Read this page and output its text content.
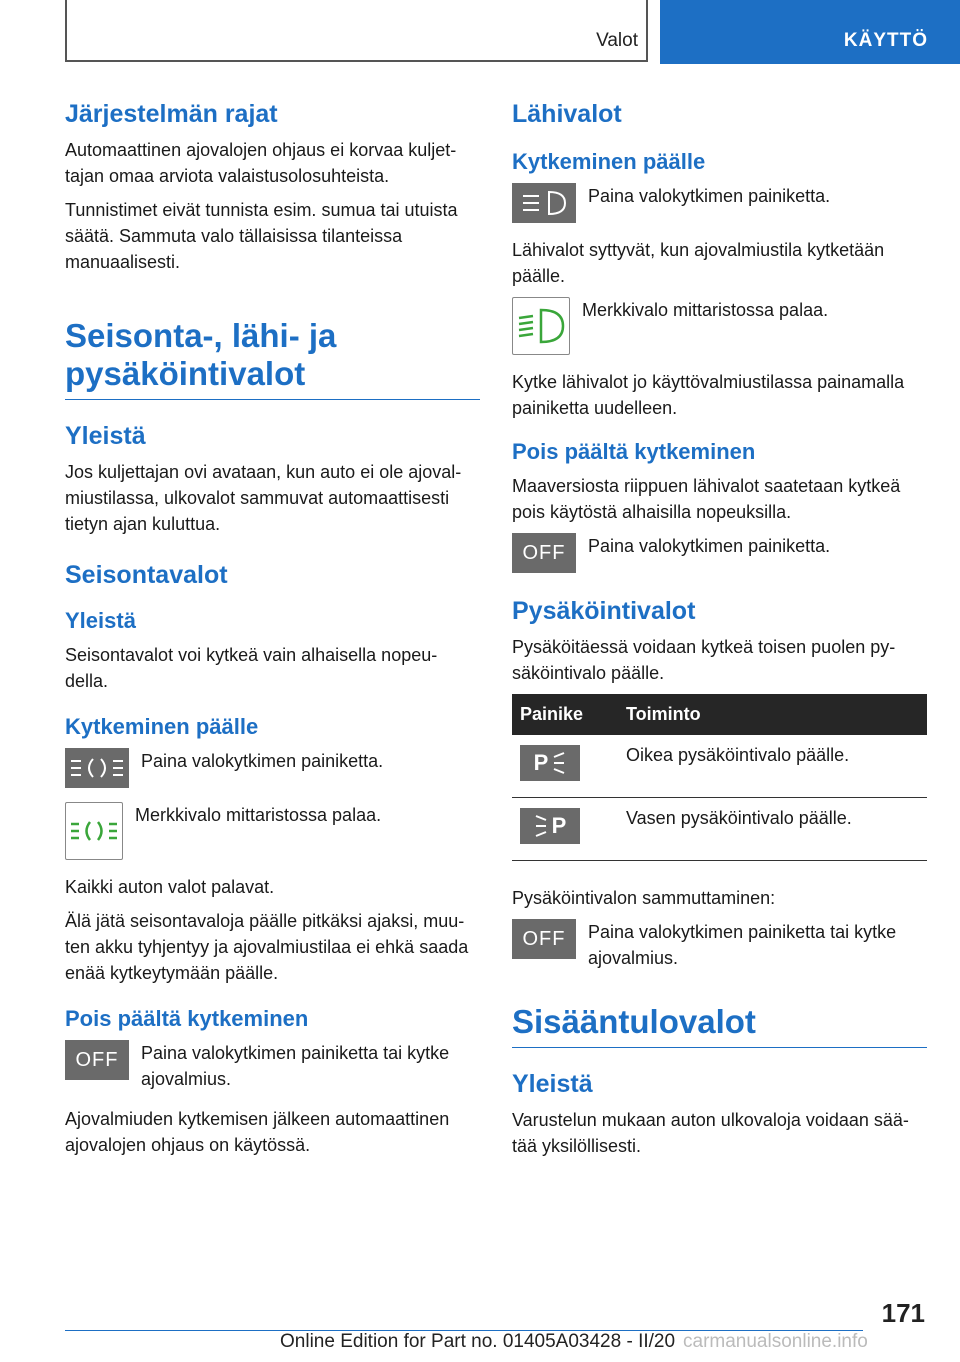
Valot	KÄYTTÖ
Järjestelmän rajat

Automaattinen ajovalojen ohjaus ei korvaa kuljet-tajan omaa arviota valaistusolosuhteista.

Tunnistimet eivät tunnista esim. sumua tai utuista säätä. Sammuta valo tällaisissa tilanteissa manuaalisesti.

Seisonta-, lähi- ja pysäköintivalot
Yleistä

Jos kuljettajan ovi avataan, kun auto ei ole ajoval-miustilassa, ulkovalot sammuvat automaattisesti tietyn ajan kuluttua.

Seisontavalot
Yleistä

Seisontavalot voi kytkeä vain alhaisella nopeu-della.

Kytkeminen päälle
Paina valokytkimen painiketta.
Merkkivalo mittaristossa palaa.

Kaikki auton valot palavat.

Älä jätä seisontavaloja päälle pitkäksi ajaksi, muu-ten akku tyhjentyy ja ajovalmiustilaa ei ehkä saada enää kytkeytymään päälle.

Pois päältä kytkeminen
OFF Paina valokytkimen painiketta tai kytke ajovalmius.

Ajovalmiuden kytkemisen jälkeen automaattinen ajovalojen ohjaus on käytössä.

Lähivalot
Kytkeminen päälle
Paina valokytkimen painiketta.

Lähivalot syttyvät, kun ajovalmiustila kytketään päälle.

Merkkivalo mittaristossa palaa.

Kytke lähivalot jo käyttövalmiustilassa painamalla painiketta uudelleen.

Pois päältä kytkeminen

Maaversiosta riippuen lähivalot saatetaan kytkeä pois käytöstä alhaisilla nopeuksilla.

OFF Paina valokytkimen painiketta.
Pysäköintivalot

Pysäköitäessä voidaan kytkeä toisen puolen py-säköintivalo päälle.

Painike	Toiminto

P	Oikea pysäköintivalo päälle.

P	Vasen pysäköintivalo päälle.

Pysäköintivalon sammuttaminen:

OFF Paina valokytkimen painiketta tai kytke ajovalmius.
Sisääntulovalot
Yleistä

Varustelun mukaan auton ulkovaloja voidaan sää-tää yksilöllisesti.

171
Online Edition for Part no. 01405A03428 - II/20 carmanualsonline.info
